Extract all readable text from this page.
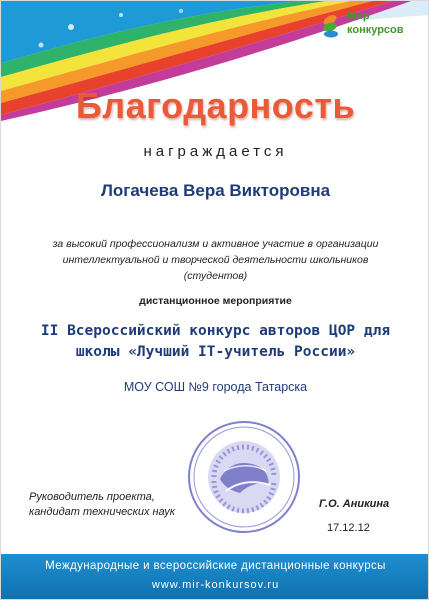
Мир
конкурсов
Благодарность
награждается
Логачева Вера Викторовна
за высокий профессионализм и активное участие в организации интеллектуальной и творческой деятельности школьников (студентов)
дистанционное мероприятие
II Всероссийский конкурс авторов ЦОР для
школы «Лучший IT-учитель России»
МОУ СОШ №9 города Татарска
Руководитель проекта,
кандидат технических наук
Г.О. Аникина
17.12.12
Международные и всероссийские дистанционные конкурсы
www.mir-konkursov.ru
